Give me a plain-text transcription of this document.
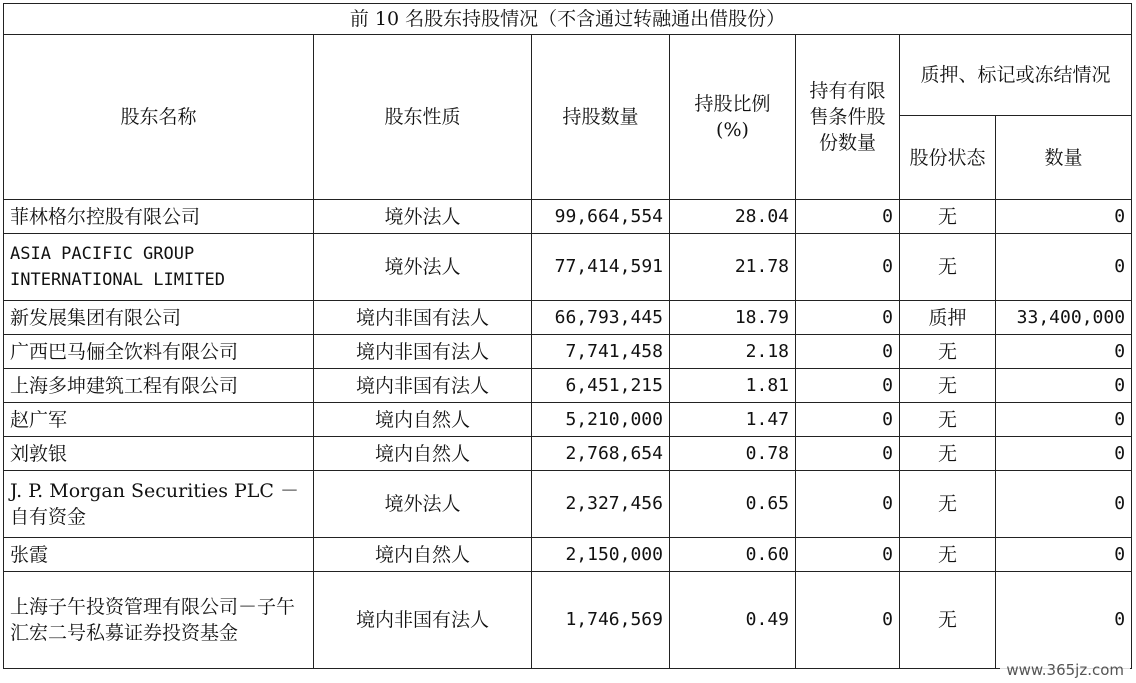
前 10 名股东持股情况（不含通过转融通出借股份）						
股东名称	股东性质	持股数量	持股比例 (%)	持有有限售条件股份数量	质押、标记或冻结情况	
					股份状态	数量
菲林格尔控股有限公司	境外法人	99,664,554	28.04	0	无	0
ASIA PACIFIC GROUP INTERNATIONAL LIMITED	境外法人	77,414,591	21.78	0	无	0
新发展集团有限公司	境内非国有法人	66,793,445	18.79	0	质押	33,400,000
广西巴马俪全饮料有限公司	境内非国有法人	7,741,458	2.18	0	无	0
上海多坤建筑工程有限公司	境内非国有法人	6,451,215	1.81	0	无	0
赵广军	境内自然人	5,210,000	1.47	0	无	0
刘敦银	境内自然人	2,768,654	0.78	0	无	0
J. P. Morgan Securities PLC －自有资金	境外法人	2,327,456	0.65	0	无	0
张霞	境内自然人	2,150,000	0.60	0	无	0
上海子午投资管理有限公司－子午汇宏二号私募证券投资基金	境内非国有法人	1,746,569	0.49	0	无	0
www.365jz.com
